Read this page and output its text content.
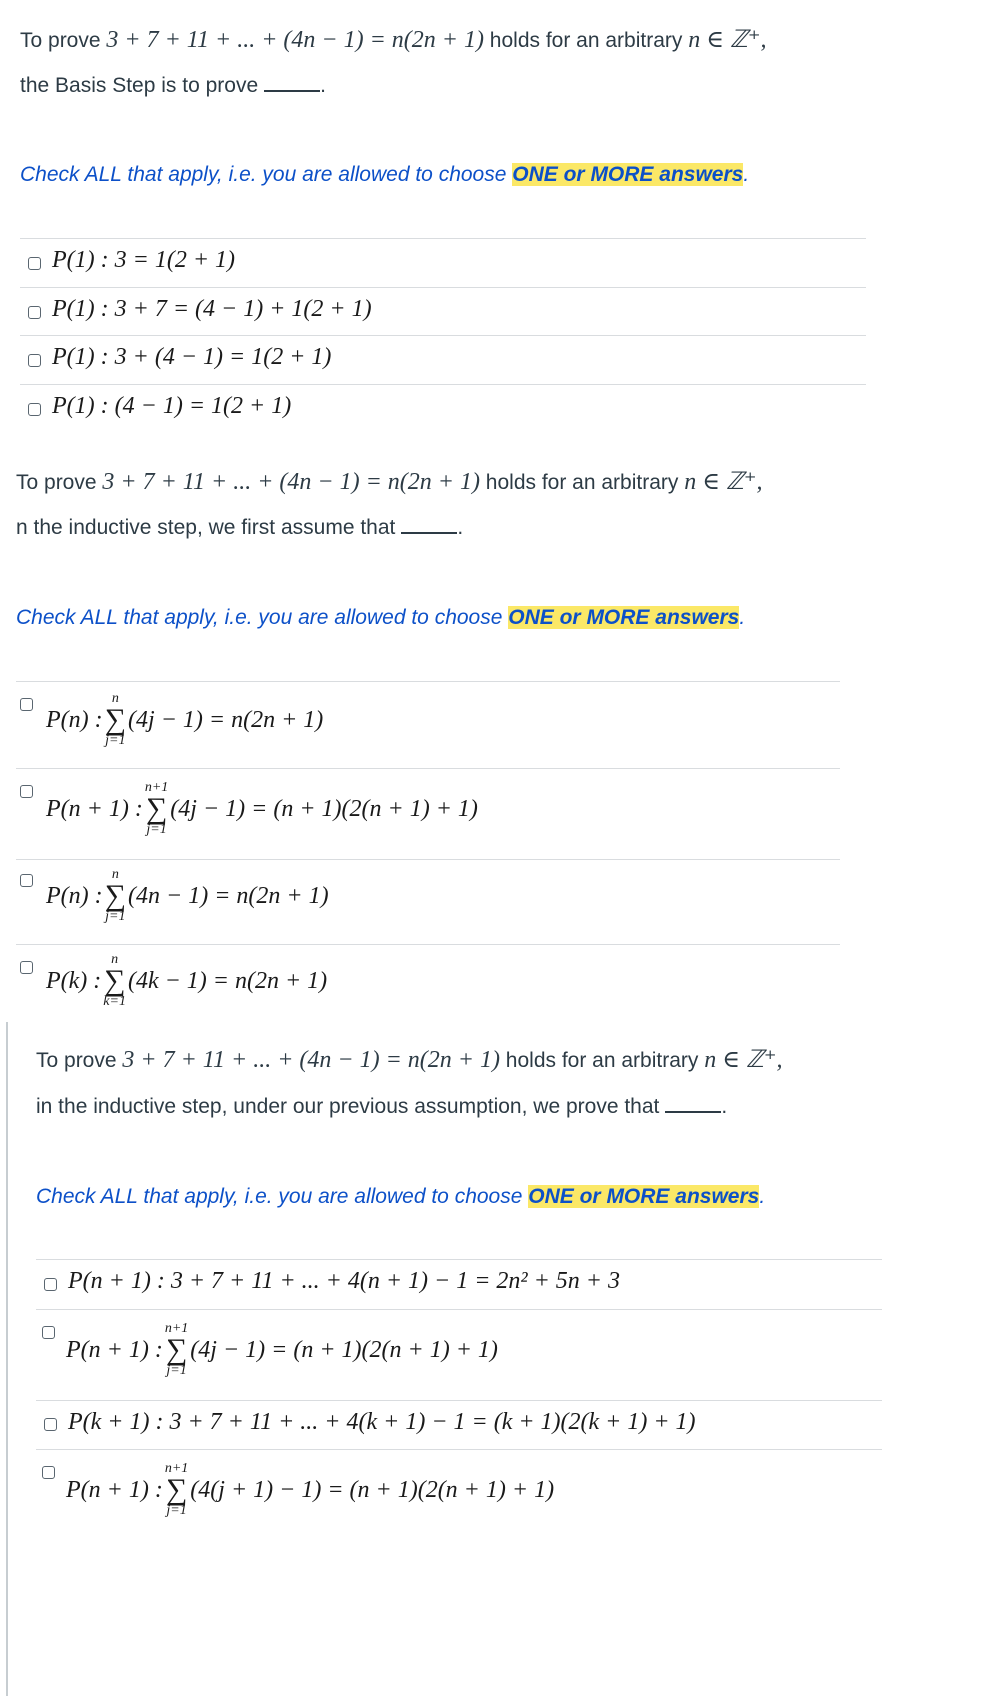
To prove 3 + 7 + 11 + ... + (4n − 1) = n(2n + 1) holds for an arbitrary n ∈ ℤ⁺,
the Basis Step is to prove	.
Check ALL that apply, i.e. you are allowed to choose ONE or MORE answers.
P(1) : 3 = 1(2 + 1)
P(1) : 3 + 7 = (4 − 1) + 1(2 + 1)
P(1) : 3 + (4 − 1) = 1(2 + 1)
P(1) : (4 − 1) = 1(2 + 1)
To prove 3 + 7 + 11 + ... + (4n − 1) = n(2n + 1) holds for an arbitrary n ∈ ℤ⁺,
n the inductive step, we first assume that	.
Check ALL that apply, i.e. you are allowed to choose ONE or MORE answers.
P(n) :
n
∑
j=1
(4j − 1) = n(2n + 1)
P(n + 1) :
n+1
∑
j=1
(4j − 1) = (n + 1)(2(n + 1) + 1)
P(n) :
n
∑
j=1
(4n − 1) = n(2n + 1)
P(k) :
n
∑
k=1
(4k − 1) = n(2n + 1)
To prove 3 + 7 + 11 + ... + (4n − 1) = n(2n + 1) holds for an arbitrary n ∈ ℤ⁺,
in the inductive step, under our previous assumption, we prove that	.
Check ALL that apply, i.e. you are allowed to choose ONE or MORE answers.
P(n + 1) : 3 + 7 + 11 + ... + 4(n + 1) − 1 = 2n² + 5n + 3
P(n + 1) :
n+1
∑
j=1
(4j − 1) = (n + 1)(2(n + 1) + 1)
P(k + 1) : 3 + 7 + 11 + ... + 4(k + 1) − 1 = (k + 1)(2(k + 1) + 1)
P(n + 1) :
n+1
∑
j=1
(4(j + 1) − 1) = (n + 1)(2(n + 1) + 1)
